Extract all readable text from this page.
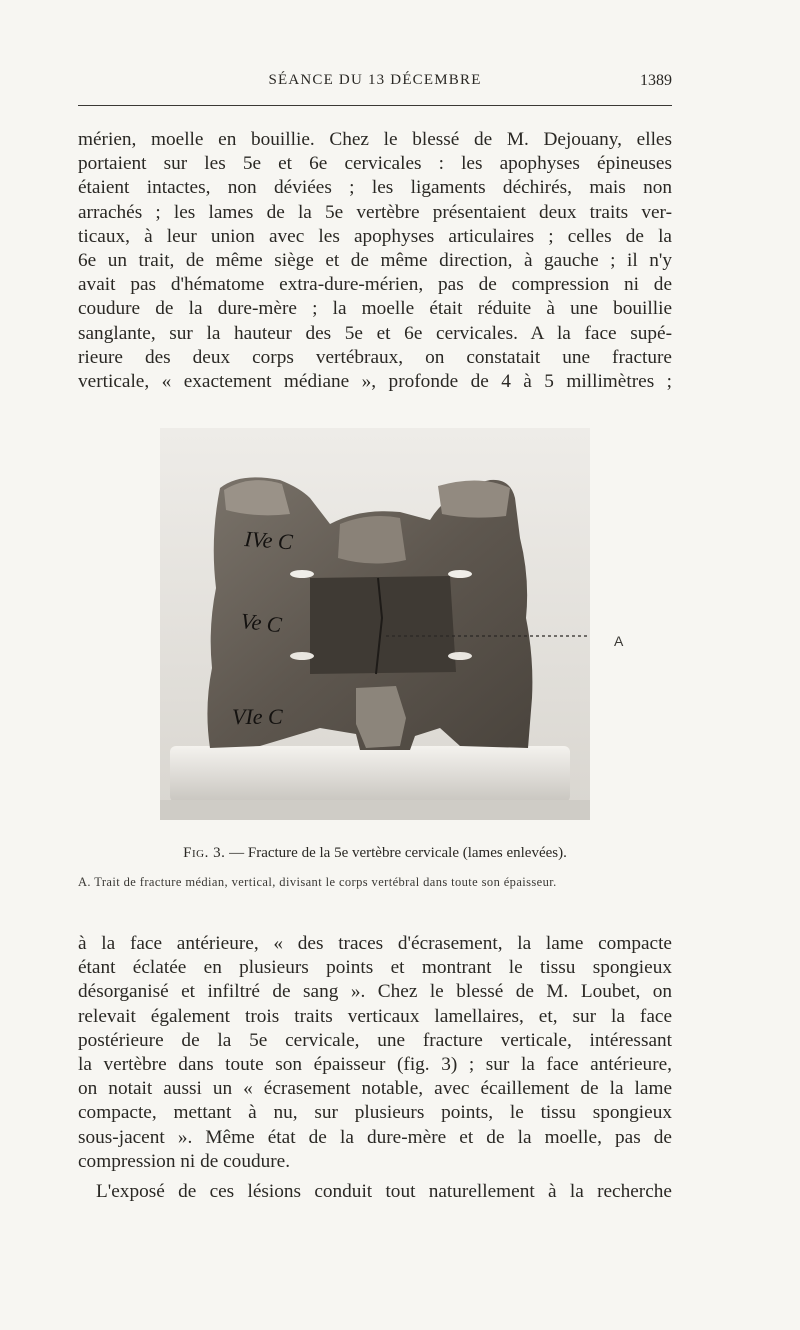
SÉANCE DU 13 DÉCEMBRE	1389
mérien, moelle en bouillie. Chez le blessé de M. Dejouany, elles
portaient sur les 5e et 6e cervicales : les apophyses épineuses
étaient intactes, non déviées ; les ligaments déchirés, mais non
arrachés ; les lames de la 5e vertèbre présentaient deux traits ver-
ticaux, à leur union avec les apophyses articulaires ; celles de la
6e un trait, de même siège et de même direction, à gauche ; il n'y
avait pas d'hématome extra-dure-mérien, pas de compression ni de
coudure de la dure-mère ; la moelle était réduite à une bouillie
sanglante, sur la hauteur des 5e et 6e cervicales. A la face supé-
rieure des deux corps vertébraux, on constatait une fracture
verticale, « exactement médiane », profonde de 4 à 5 millimètres ;
IVe C
Ve C
VIe C
A
Fig. 3. — Fracture de la 5e vertèbre cervicale (lames enlevées).
A. Trait de fracture médian, vertical, divisant le corps vertébral dans toute son épaisseur.
à la face antérieure, « des traces d'écrasement, la lame compacte
étant éclatée en plusieurs points et montrant le tissu spongieux
désorganisé et infiltré de sang ». Chez le blessé de M. Loubet, on
relevait également trois traits verticaux lamellaires, et, sur la face
postérieure de la 5e cervicale, une fracture verticale, intéressant
la vertèbre dans toute son épaisseur (fig. 3) ; sur la face antérieure,
on notait aussi un « écrasement notable, avec écaillement de la lame
compacte, mettant à nu, sur plusieurs points, le tissu spongieux
sous-jacent ». Même état de la dure-mère et de la moelle, pas de
compression ni de coudure.
L'exposé de ces lésions conduit tout naturellement à la recherche
